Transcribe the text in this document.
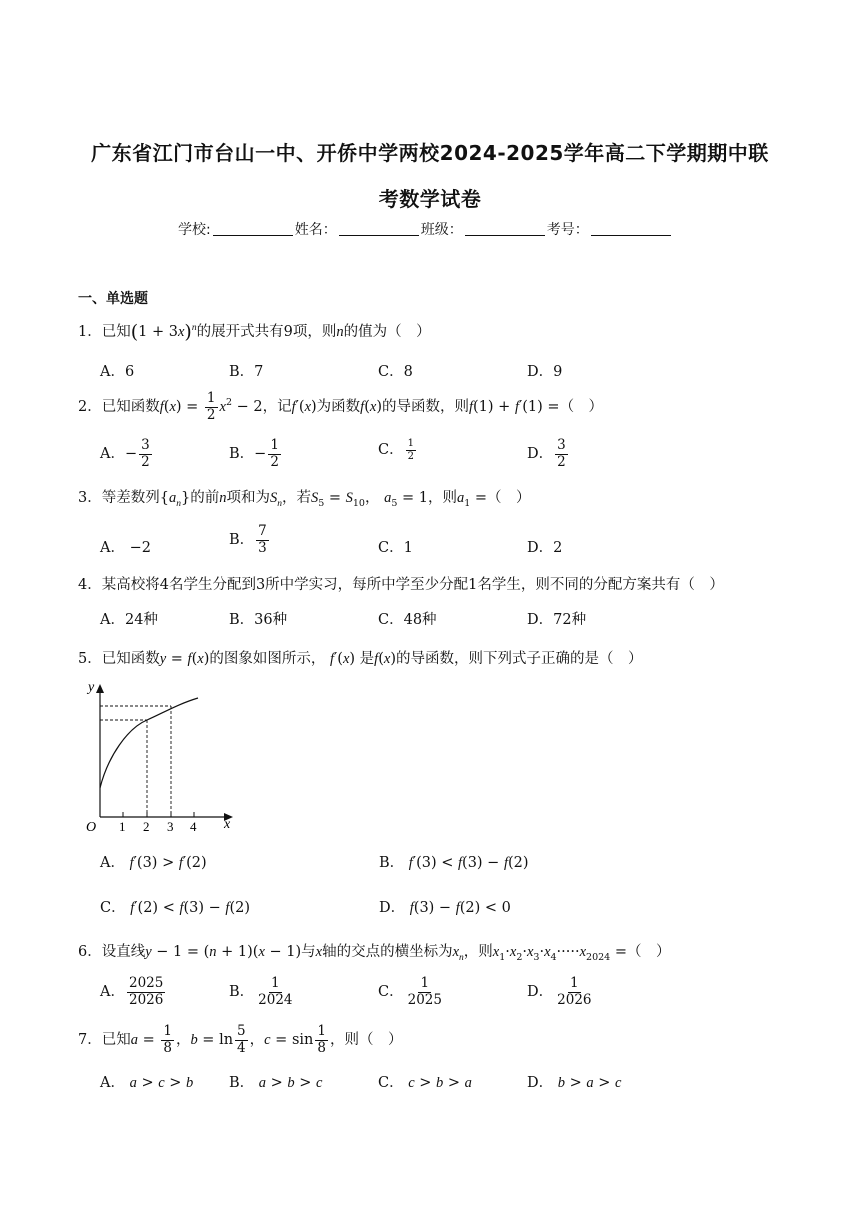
广东省江门市台山一中、开侨中学两校2024-2025学年高二下学期期中联
考数学试卷
学校:	姓名：	班级：	考号：
一、单选题
1．已知$(1 + 3x)^n$的展开式共有9项，则n的值为（　）
A．6	B．7	C．8	D．9
2．已知函数$f(x) = \frac{1}{2} x^2 - 2$，记f′(x)为函数f(x)的导函数，则f(1) + f′(1) =（　）
A．− $\frac{3}{2}$	B．− $\frac{1}{2}$	C． $\frac{1}{2}$	D． $\frac{3}{2}$
3．等差数列$\{a_n\}$的前n项和为$S_n$，若$S_5 = S_{10}$， $a_5 = 1$，则$a_1$ =（　）
A． −2	B． $\frac{7}{3}$	C．1	D．2
4．某高校将4名学生分配到3所中学实习，每所中学至少分配1名学生，则不同的分配方案共有（　）
A．24种	B．36种	C．48种	D．72种
5．已知函数y = f(x)的图象如图所示， f′(x) 是f(x)的导函数，则下列式子正确的是（　）
y
x
O 1 2 3 4
A． f′(3) > f′(2)	B． f′(3) < f(3) − f(2)
C． f′(2) < f(3) − f(2)	D． f(3) − f(2) < 0
6．设直线y − 1 = (n + 1)(x − 1)与x轴的交点的横坐标为$x_n$，则$x_1\cdot x_2\cdot x_3\cdot x_4\cdot\cdot\cdot\cdot\cdot x_{2024}$ =（　）
A． $\frac{2025}{2026}$	B． $\frac{1}{2024}$	C． $\frac{1}{2025}$	D． $\frac{1}{2026}$
7．已知$a = \frac{1}{8}$ ，$b = \ln \frac{5}{4}$ ，$c = \sin \frac{1}{8}$ ，则（　）
A． a > c > b B． a > b > c	C． c > b > a	D． b > a > c
